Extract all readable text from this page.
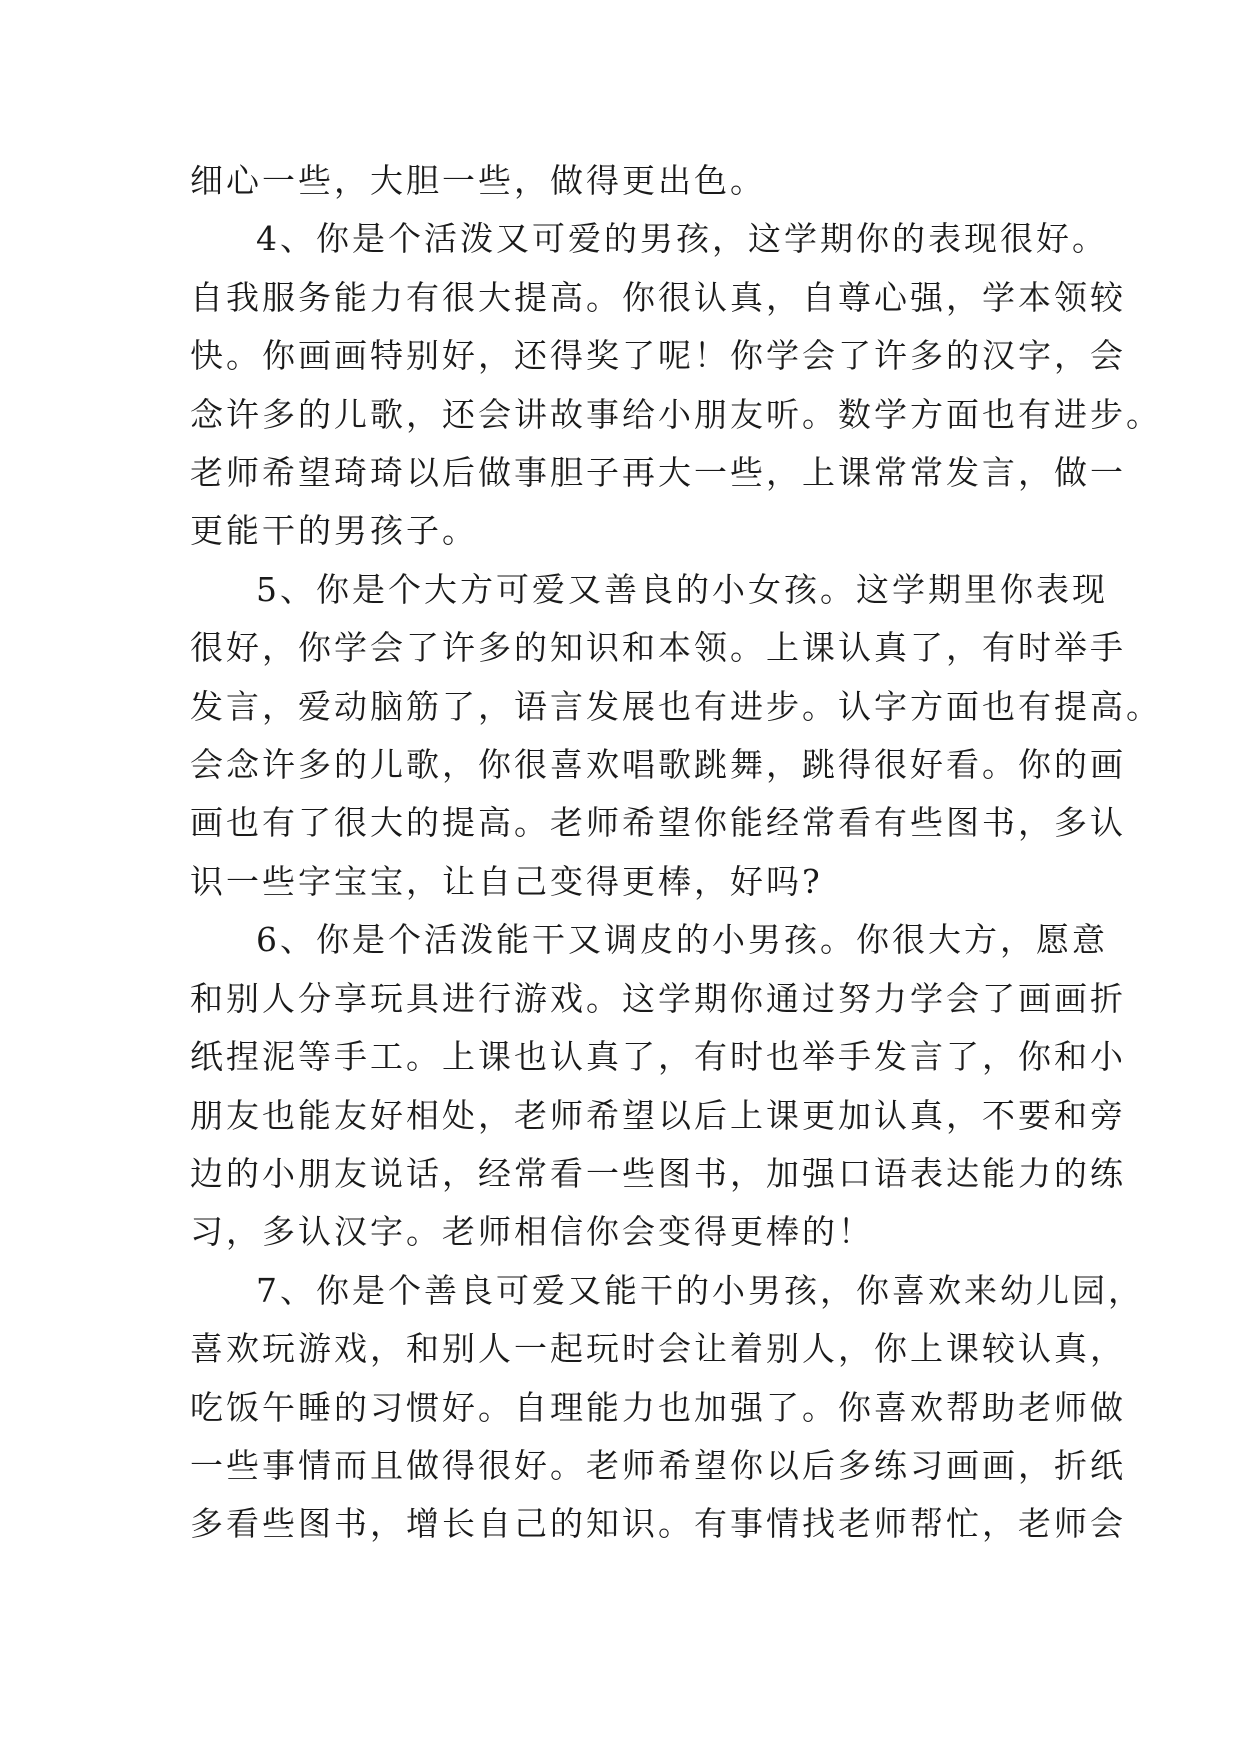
细心一些，大胆一些，做得更出色。
4、你是个活泼又可爱的男孩，这学期你的表现很好。
自我服务能力有很大提高。你很认真，自尊心强，学本领较
快。你画画特别好，还得奖了呢！你学会了许多的汉字，会
念许多的儿歌，还会讲故事给小朋友听。数学方面也有进步。
老师希望琦琦以后做事胆子再大一些，上课常常发言，做一
更能干的男孩子。
5、你是个大方可爱又善良的小女孩。这学期里你表现
很好，你学会了许多的知识和本领。上课认真了，有时举手
发言，爱动脑筋了，语言发展也有进步。认字方面也有提高。
会念许多的儿歌，你很喜欢唱歌跳舞，跳得很好看。你的画
画也有了很大的提高。老师希望你能经常看有些图书，多认
识一些字宝宝，让自己变得更棒，好吗?
6、你是个活泼能干又调皮的小男孩。你很大方，愿意
和别人分享玩具进行游戏。这学期你通过努力学会了画画折
纸捏泥等手工。上课也认真了，有时也举手发言了，你和小
朋友也能友好相处，老师希望以后上课更加认真，不要和旁
边的小朋友说话，经常看一些图书，加强口语表达能力的练
习，多认汉字。老师相信你会变得更棒的！
7、你是个善良可爱又能干的小男孩，你喜欢来幼儿园，
喜欢玩游戏，和别人一起玩时会让着别人，你上课较认真，
吃饭午睡的习惯好。自理能力也加强了。你喜欢帮助老师做
一些事情而且做得很好。老师希望你以后多练习画画，折纸
多看些图书，增长自己的知识。有事情找老师帮忙，老师会
